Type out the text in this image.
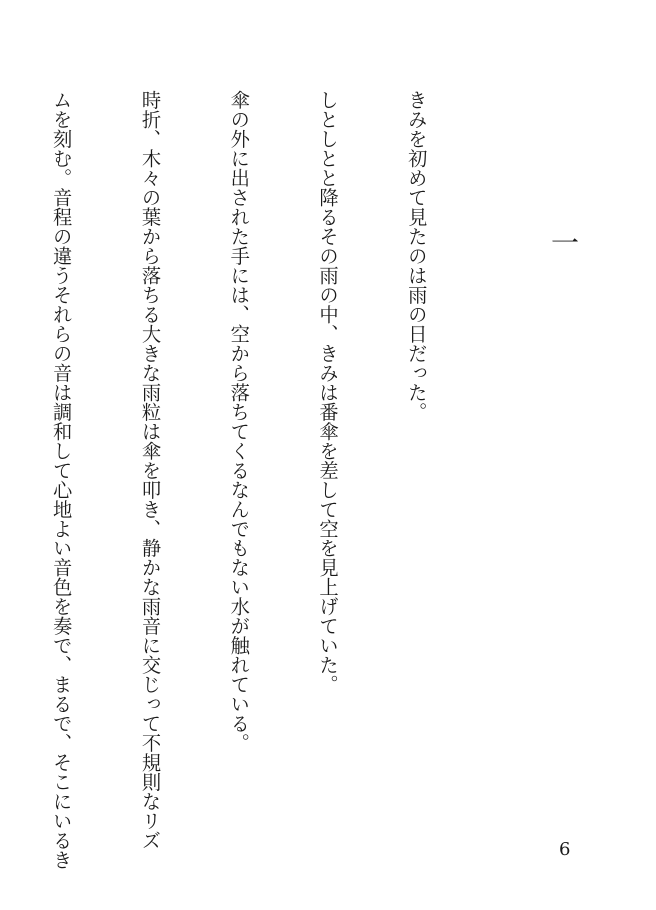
一

きみを初めて見たのは雨の日だった。

しとしとと降るその雨の中、きみは番傘を差して空を見上げていた。

傘の外に出された手には、空から落ちてくるなんでもない水が触れている。

時折、木々の葉から落ちる大きな雨粒は傘を叩き、静かな雨音に交じって不規則なリズ

ムを刻む。音程の違うそれらの音は調和して心地よい音色を奏で、まるで、そこにいるき

	6
